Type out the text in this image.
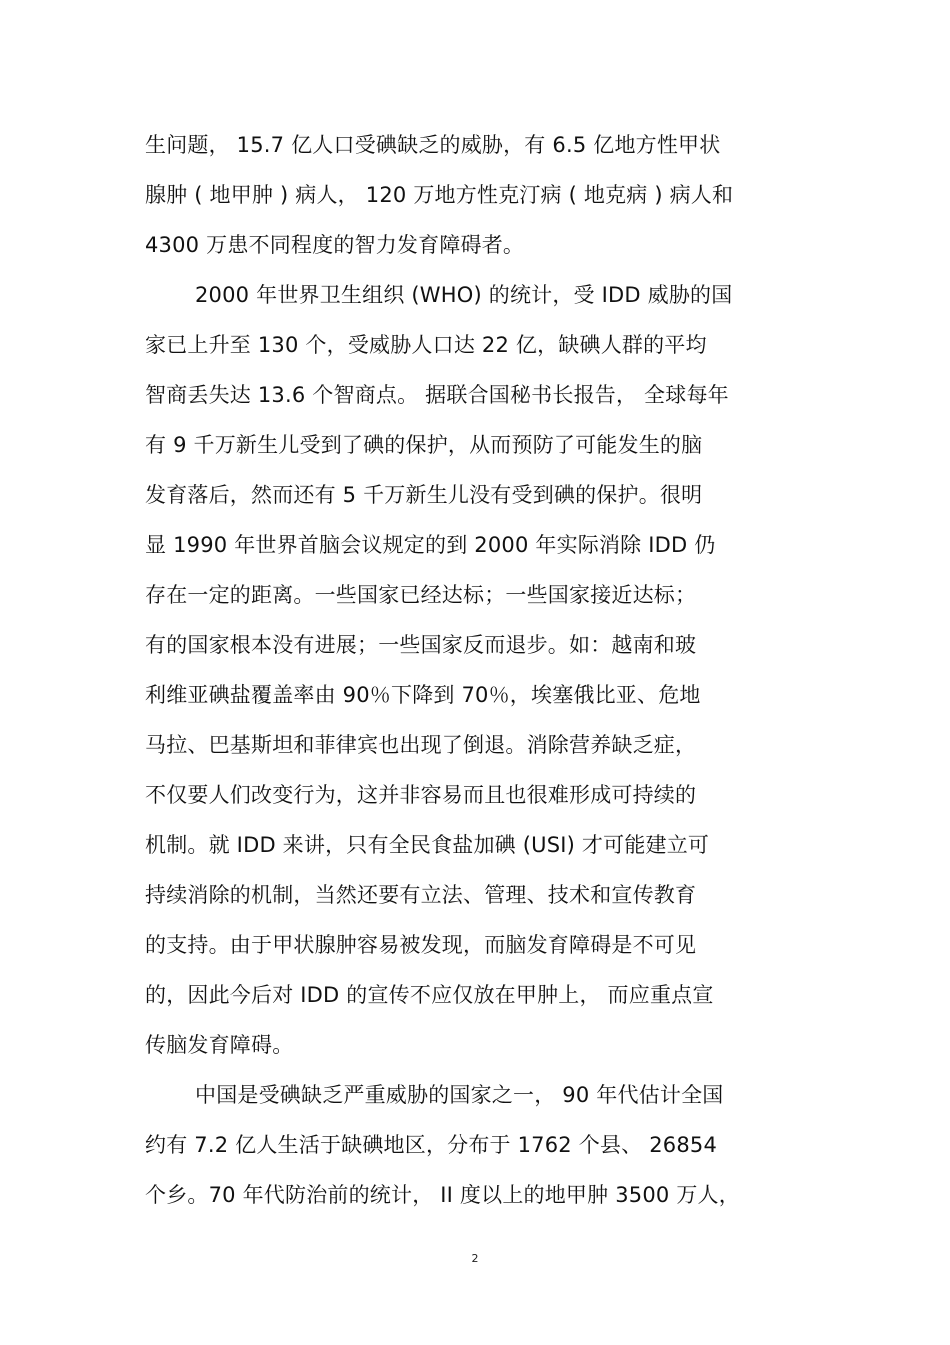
生问题， 15.7 亿人口受碘缺乏的威胁，有 6.5 亿地方性甲状
腺肿 ( 地甲肿 ) 病人， 120 万地方性克汀病 ( 地克病 ) 病人和
4300 万患不同程度的智力发育障碍者。
2000 年世界卫生组织 (WHO) 的统计，受 IDD 威胁的国
家已上升至 130 个，受威胁人口达 22 亿，缺碘人群的平均
智商丢失达 13.6 个智商点。 据联合国秘书长报告， 全球每年
有 9 千万新生儿受到了碘的保护，从而预防了可能发生的脑
发育落后，然而还有 5 千万新生儿没有受到碘的保护。很明
显 1990 年世界首脑会议规定的到 2000 年实际消除 IDD 仍
存在一定的距离。一些国家已经达标；一些国家接近达标；
有的国家根本没有进展；一些国家反而退步。如：越南和玻
利维亚碘盐覆盖率由 90％下降到 70％，埃塞俄比亚、危地
马拉、巴基斯坦和菲律宾也出现了倒退。消除营养缺乏症，
不仅要人们改变行为，这并非容易而且也很难形成可持续的
机制。就 IDD 来讲，只有全民食盐加碘 (USI) 才可能建立可
持续消除的机制，当然还要有立法、管理、技术和宣传教育
的支持。由于甲状腺肿容易被发现，而脑发育障碍是不可见
的，因此今后对 IDD 的宣传不应仅放在甲肿上， 而应重点宣
传脑发育障碍。
中国是受碘缺乏严重威胁的国家之一， 90 年代估计全国
约有 7.2 亿人生活于缺碘地区，分布于 1762 个县、 26854
个乡。70 年代防治前的统计， II 度以上的地甲肿 3500 万人，
2
